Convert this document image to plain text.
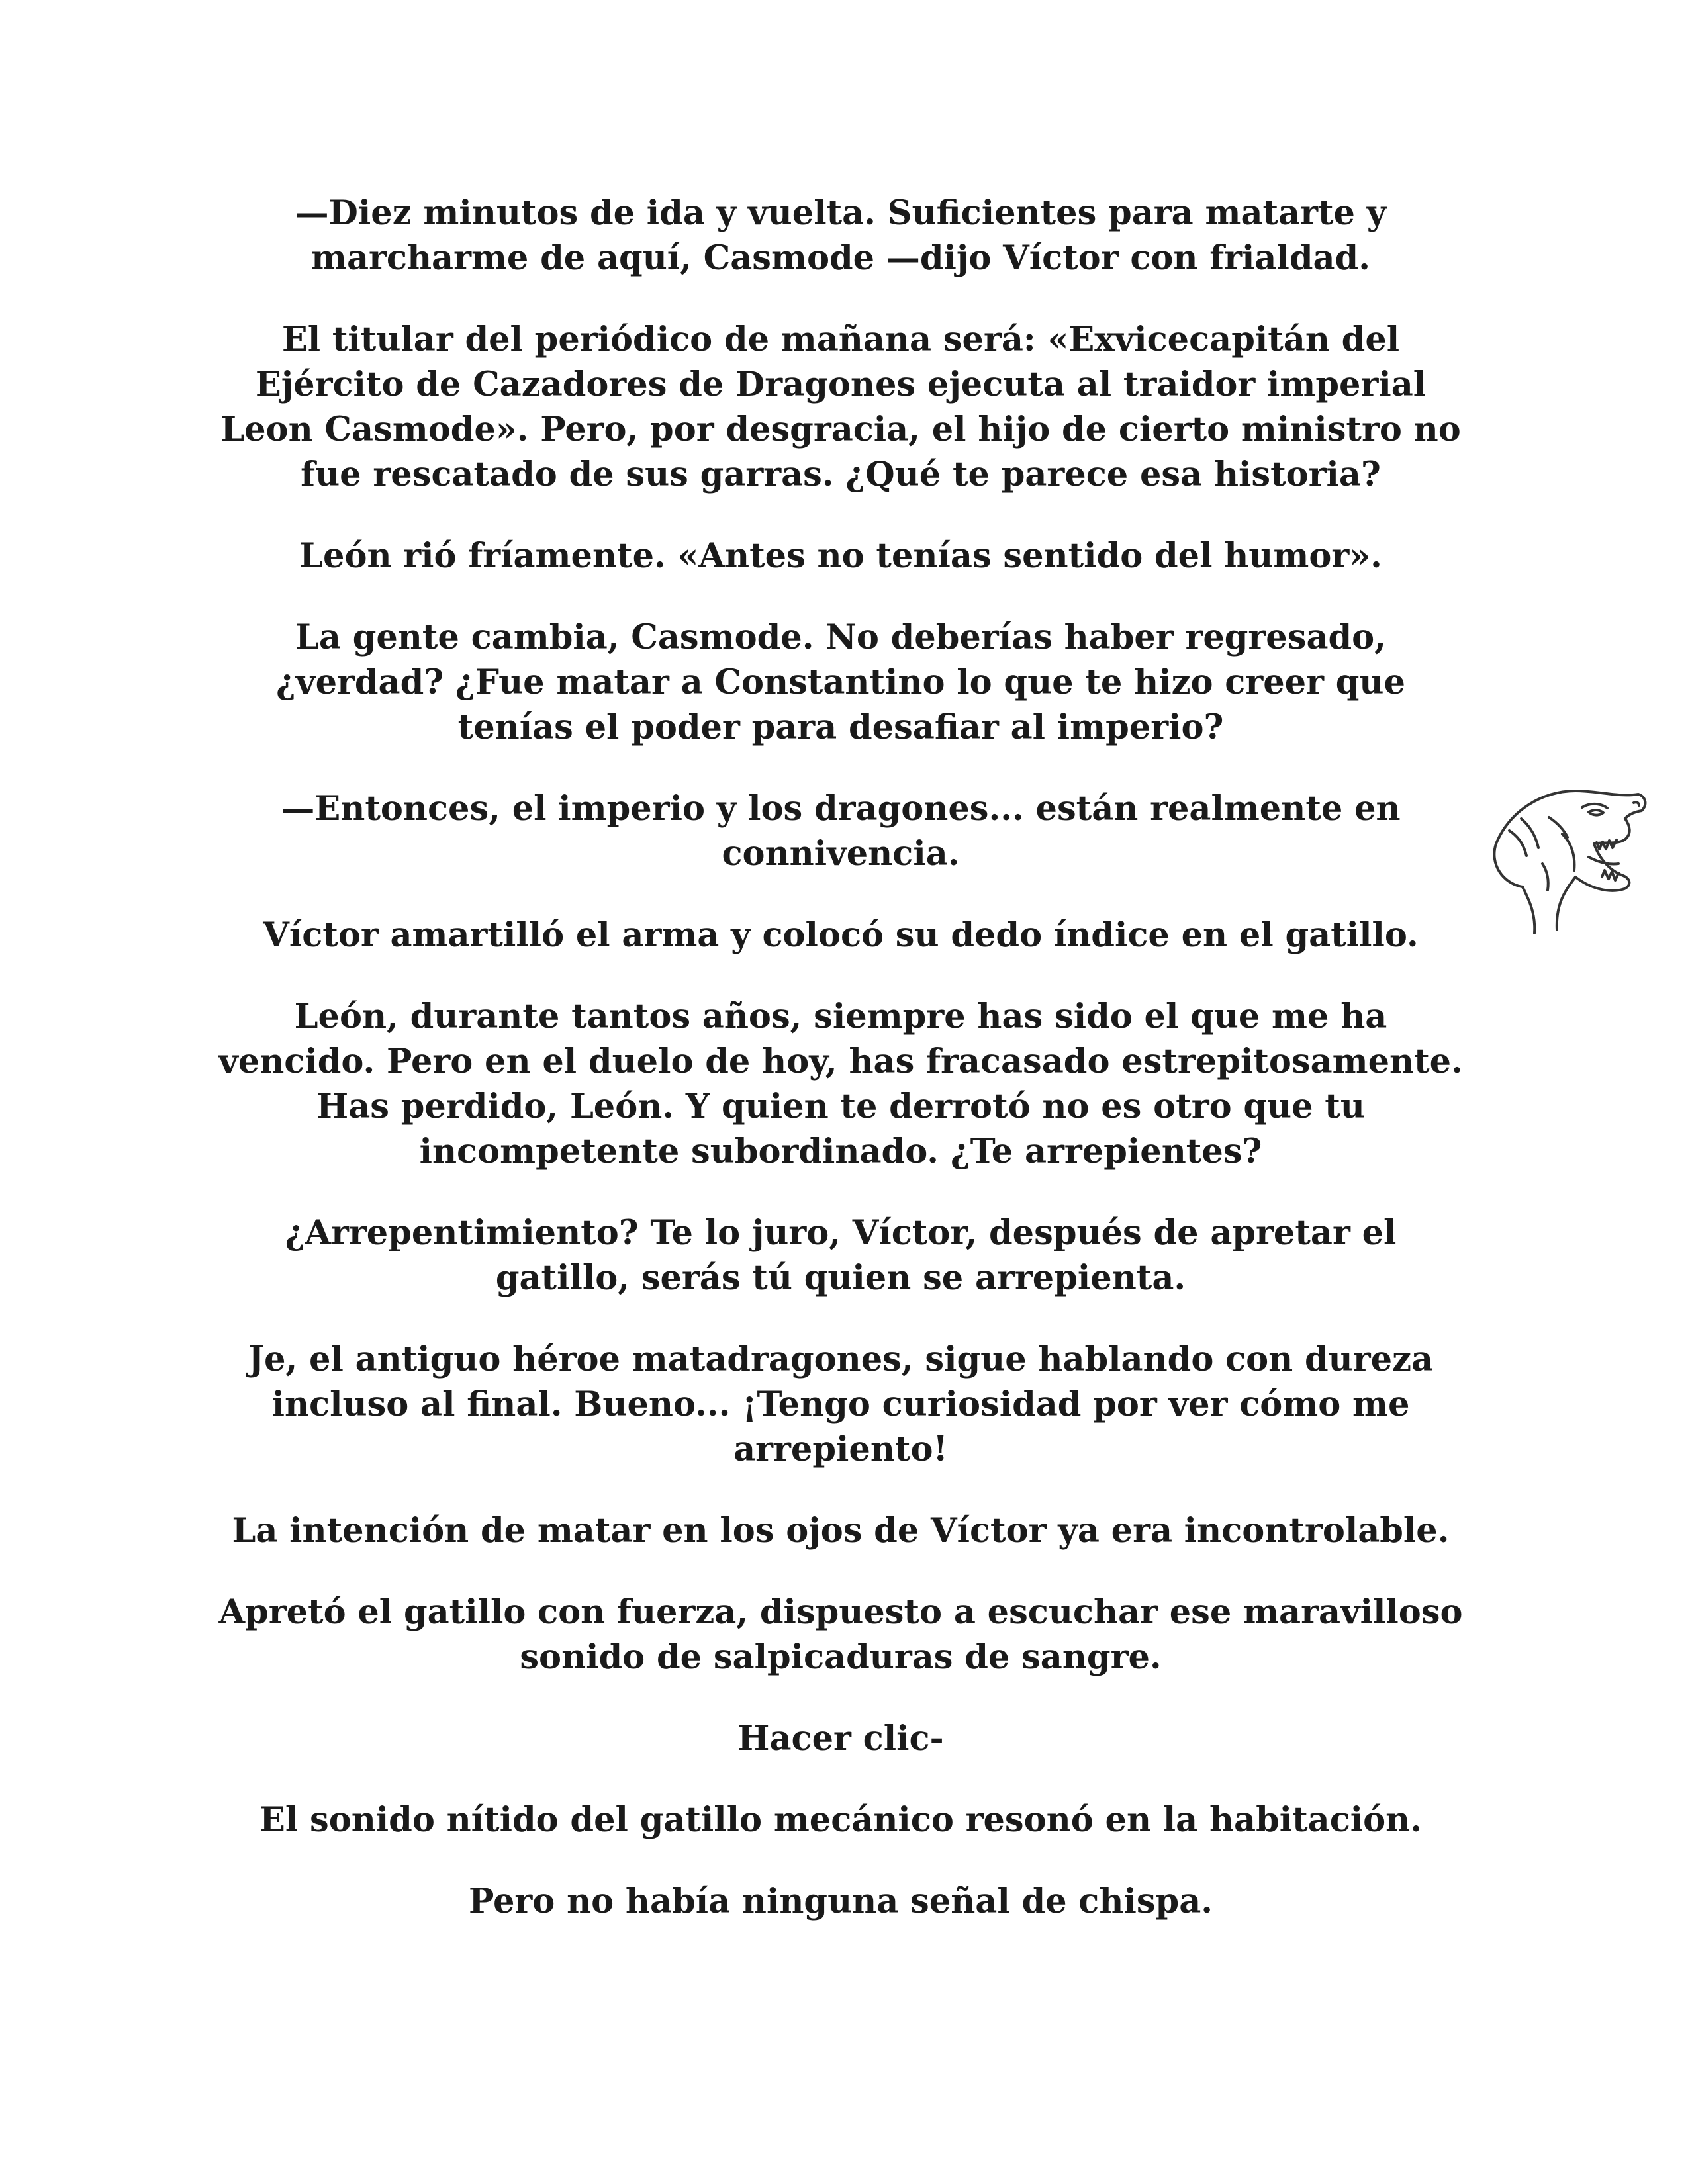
—Diez minutos de ida y vuelta. Suficientes para matarte y marcharme de aquí, Casmode —dijo Víctor con frialdad.

El titular del periódico de mañana será: «Exvicecapitán del Ejército de Cazadores de Dragones ejecuta al traidor imperial Leon Casmode». Pero, por desgracia, el hijo de cierto ministro no fue rescatado de sus garras. ¿Qué te parece esa historia?

León rió fríamente. «Antes no tenías sentido del humor».

La gente cambia, Casmode. No deberías haber regresado, ¿verdad? ¿Fue matar a Constantino lo que te hizo creer que tenías el poder para desafiar al imperio?

—Entonces, el imperio y los dragones... están realmente en connivencia.

Víctor amartilló el arma y colocó su dedo índice en el gatillo.

León, durante tantos años, siempre has sido el que me ha vencido. Pero en el duelo de hoy, has fracasado estrepitosamente. Has perdido, León. Y quien te derrotó no es otro que tu incompetente subordinado. ¿Te arrepientes?

¿Arrepentimiento? Te lo juro, Víctor, después de apretar el gatillo, serás tú quien se arrepienta.

Je, el antiguo héroe matadragones, sigue hablando con dureza incluso al final. Bueno... ¡Tengo curiosidad por ver cómo me arrepiento!

La intención de matar en los ojos de Víctor ya era incontrolable.

Apretó el gatillo con fuerza, dispuesto a escuchar ese maravilloso sonido de salpicaduras de sangre.

Hacer clic-

El sonido nítido del gatillo mecánico resonó en la habitación.

Pero no había ninguna señal de chispa.
